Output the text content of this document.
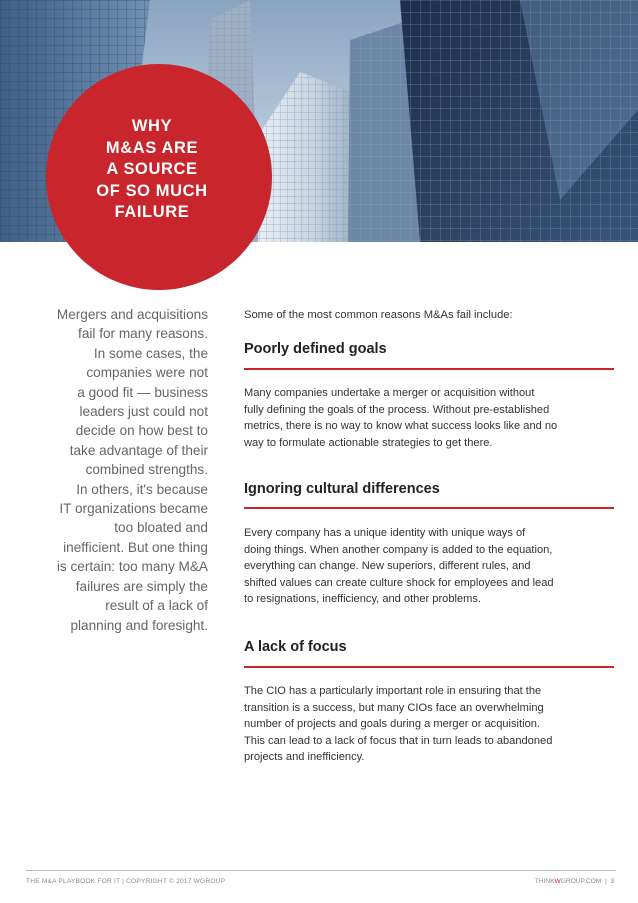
WHY
M&AS ARE
A SOURCE
OF SO MUCH
FAILURE
Mergers and acquisitions
fail for many reasons.
In some cases, the
companies were not
a good fit — business
leaders just could not
decide on how best to
take advantage of their
combined strengths.
In others, it's because
IT organizations became
too bloated and
inefficient. But one thing
is certain: too many M&A
failures are simply the
result of a lack of
planning and foresight.

Some of the most common reasons M&As fail include:

Poorly defined goals
Many companies undertake a merger or acquisition without
fully defining the goals of the process. Without pre-established
metrics, there is no way to know what success looks like and no
way to formulate actionable strategies to get there.
Ignoring cultural differences
Every company has a unique identity with unique ways of
doing things. When another company is added to the equation,
everything can change. New superiors, different rules, and
shifted values can create culture shock for employees and lead
to resignations, inefficiency, and other problems.
A lack of focus
The CIO has a particularly important role in ensuring that the
transition is a success, but many CIOs face an overwhelming
number of projects and goals during a merger or acquisition.
This can lead to a lack of focus that in turn leads to abandoned
projects and inefficiency.
THE M&A PLAYBOOK FOR IT | COPYRIGHT © 2017 WGROUP	THINKWGROUP.COM  |  3
